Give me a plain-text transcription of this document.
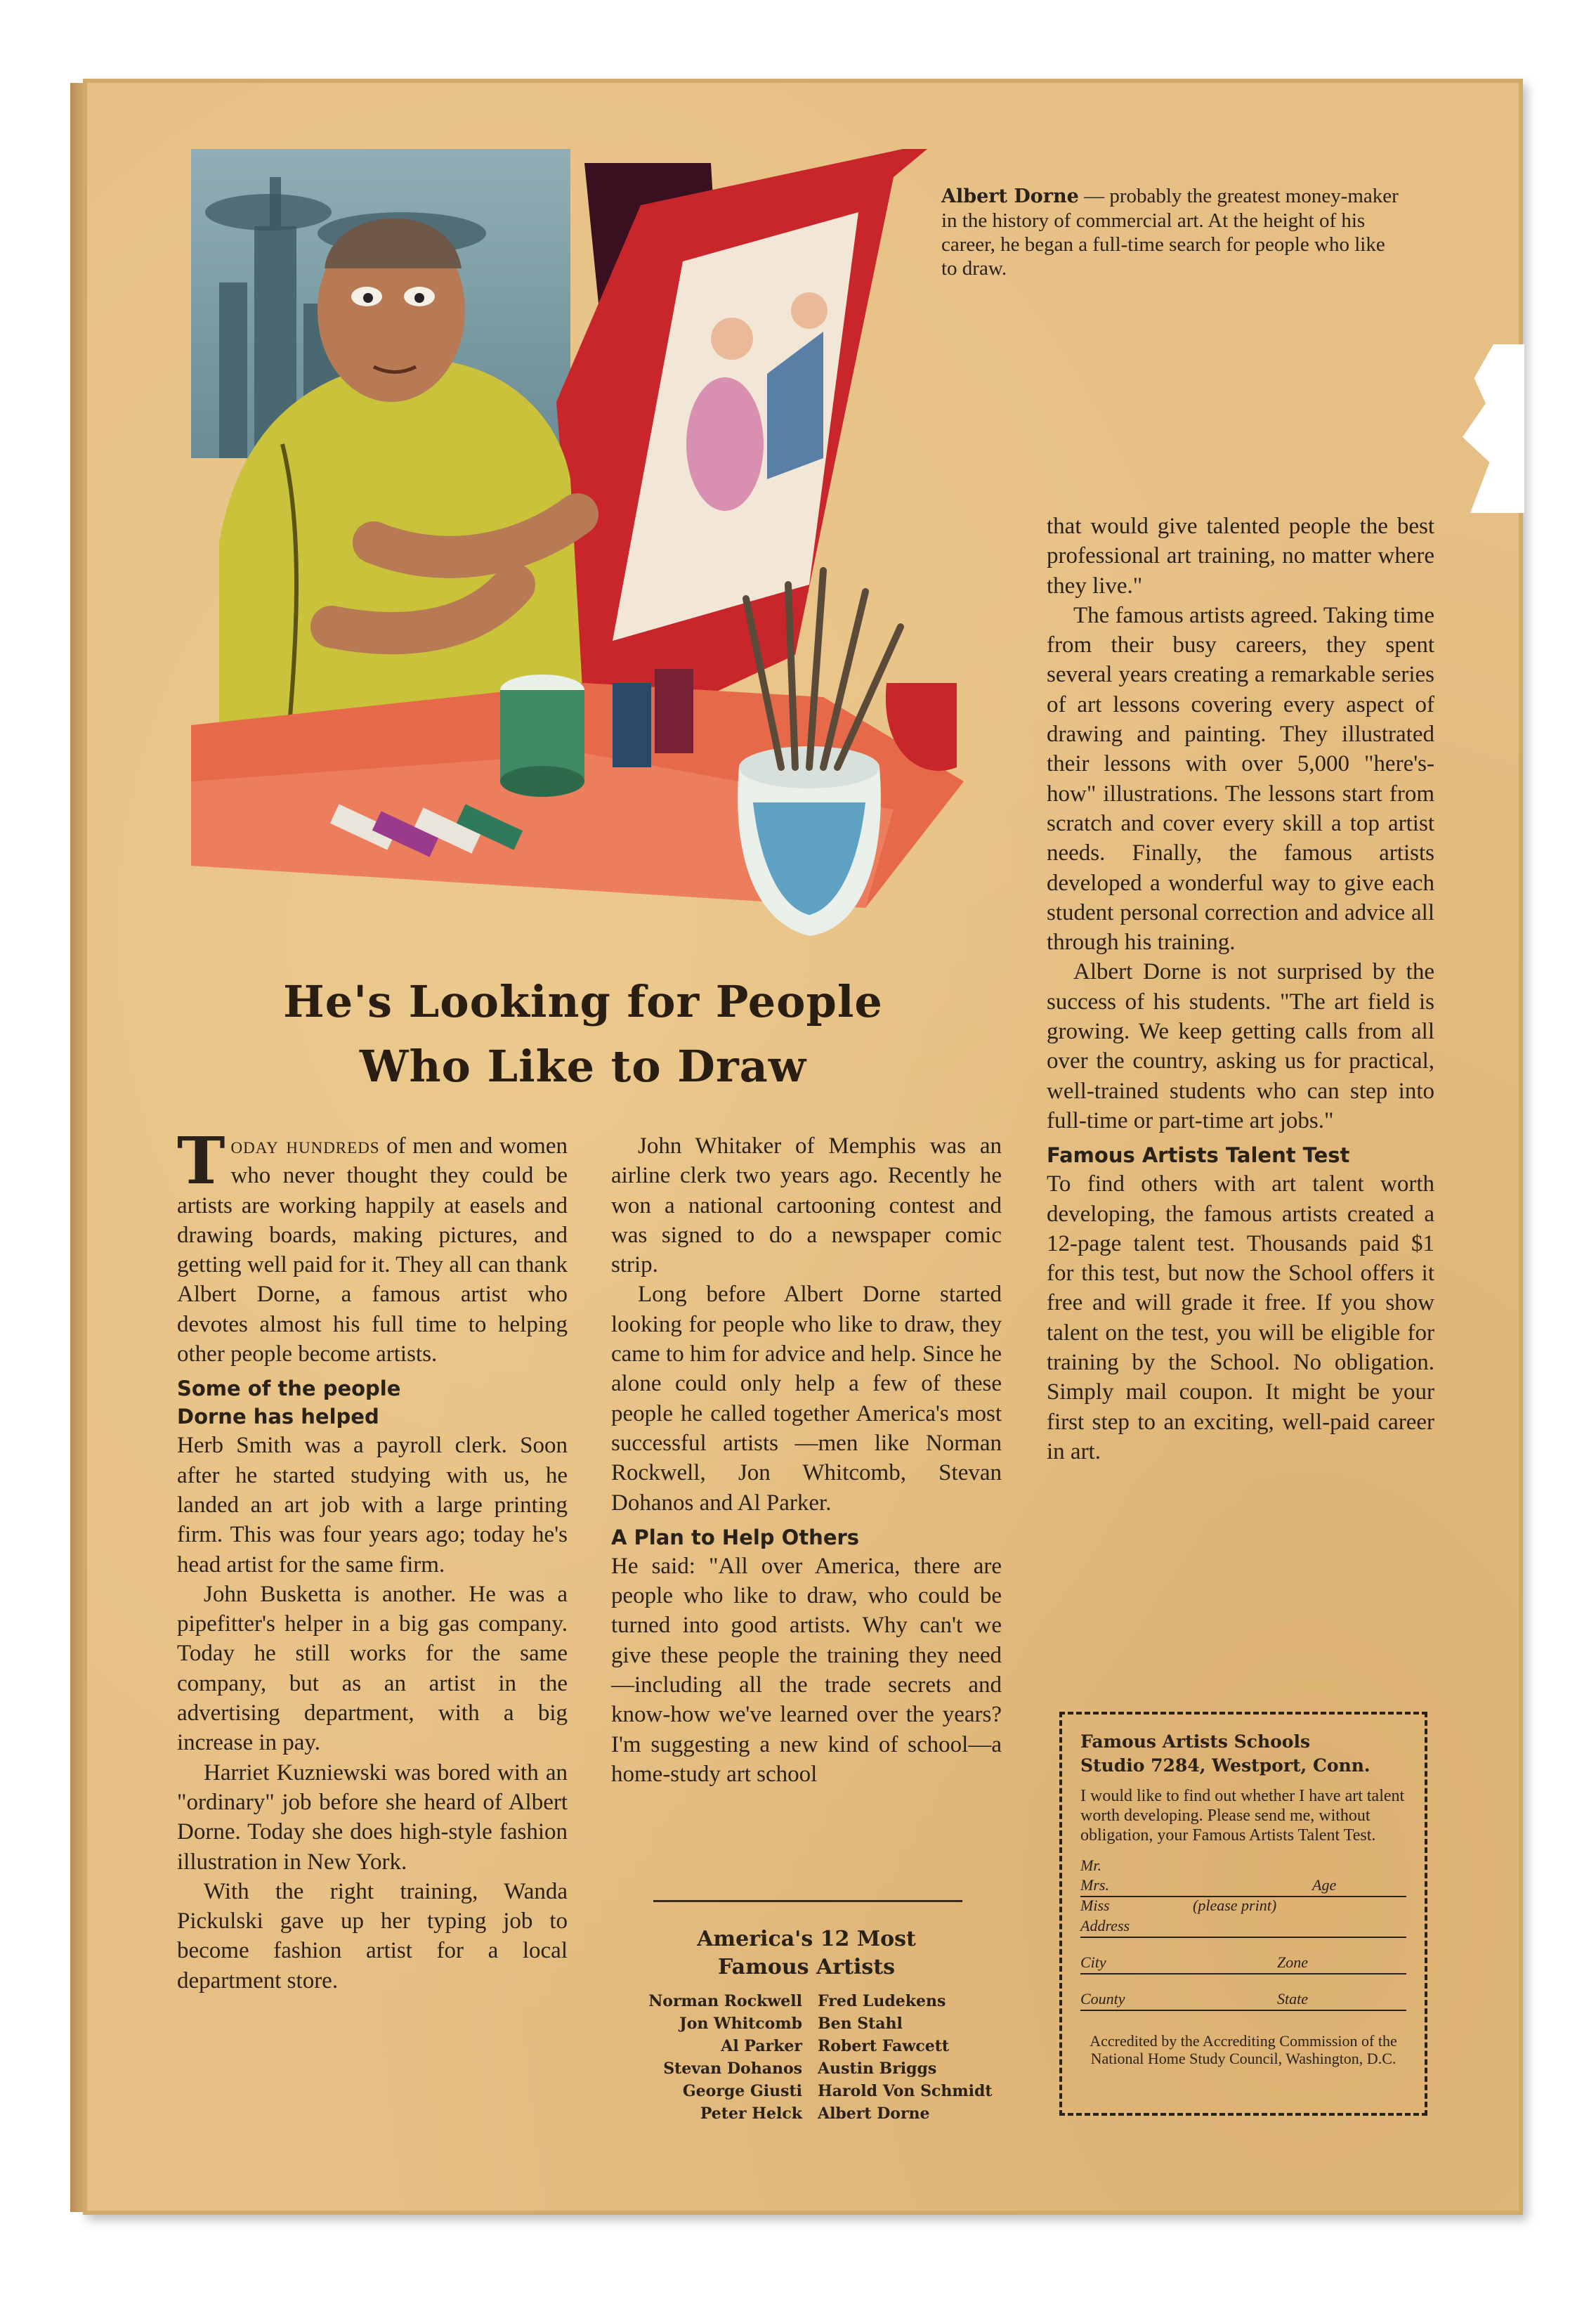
Albert Dorne — probably the greatest money-maker in the history of commercial art. At the height of his career, he began a full-time search for people who like to draw.
He's Looking for People
Who Like to Draw

Today hundreds of men and women who never thought they could be artists are working happily at easels and drawing boards, making pictures, and getting well paid for it. They all can thank Albert Dorne, a famous artist who devotes almost his full time to helping other people become artists.

Some of the people
Dorne has helped

Herb Smith was a payroll clerk. Soon after he started studying with us, he landed an art job with a large printing firm. This was four years ago; today he's head artist for the same firm.

John Busketta is another. He was a pipefitter's helper in a big gas company. Today he still works for the same company, but as an artist in the advertising department, with a big increase in pay.

Harriet Kuzniewski was bored with an "ordinary" job before she heard of Albert Dorne. Today she does high-style fashion illustration in New York.

With the right training, Wanda Pickulski gave up her typing job to become fashion artist for a local department store.

John Whitaker of Memphis was an airline clerk two years ago. Recently he won a national cartooning contest and was signed to do a newspaper comic strip.

Long before Albert Dorne started looking for people who like to draw, they came to him for advice and help. Since he alone could only help a few of these people he called together America's most successful artists —men like Norman Rockwell, Jon Whitcomb, Stevan Dohanos and Al Parker.

A Plan to Help Others

He said: "All over America, there are people who like to draw, who could be turned into good artists. Why can't we give these people the training they need—including all the trade secrets and know-how we've learned over the years? I'm suggesting a new kind of school—a home-study art school

America's 12 Most
Famous Artists
Norman Rockwell Fred Ludekens
Jon Whitcomb Ben Stahl
Al Parker Robert Fawcett
Stevan Dohanos Austin Briggs
George Giusti Harold Von Schmidt
Peter Helck Albert Dorne

that would give talented people the best professional art training, no matter where they live."

The famous artists agreed. Taking time from their busy careers, they spent several years creating a remarkable series of art lessons covering every aspect of drawing and painting. They illustrated their lessons with over 5,000 "here's-how" illustrations. The lessons start from scratch and cover every skill a top artist needs. Finally, the famous artists developed a wonderful way to give each student personal correction and advice all through his training.

Albert Dorne is not surprised by the success of his students. "The art field is growing. We keep getting calls from all over the country, asking us for practical, well-trained students who can step into full-time or part-time art jobs."

Famous Artists Talent Test

To find others with art talent worth developing, the famous artists created a 12-page talent test. Thousands paid $1 for this test, but now the School offers it free and will grade it free. If you show talent on the test, you will be eligible for training by the School. No obligation. Simply mail coupon. It might be your first step to an exciting, well-paid career in art.

Famous Artists Schools
Studio 7284, Westport, Conn.
I would like to find out whether I have art talent worth developing. Please send me, without obligation, your Famous Artists Talent Test.
Mr.
Mrs.	Age
Miss	(please print)
Address
City	Zone
County	State
Accredited by the Accrediting Commission of the National Home Study Council, Washington, D.C.
